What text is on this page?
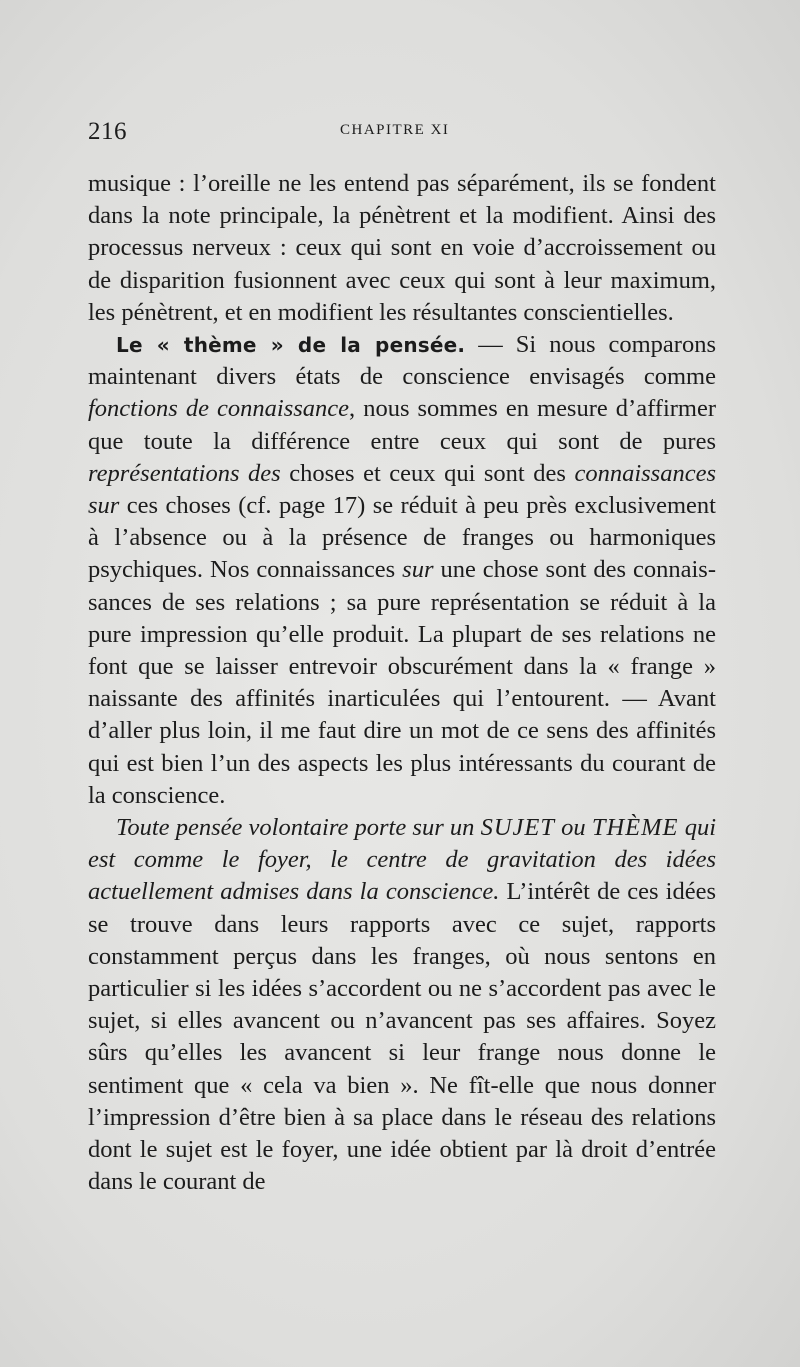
216	CHAPITRE XI

musique : l’oreille ne les entend pas séparément, ils se fondent dans la note principale, la pénètrent et la modifient. Ainsi des processus nerveux : ceux qui sont en voie d’accroissement ou de disparition fusionnent avec ceux qui sont à leur maximum, les pénètrent, et en modifient les résultantes conscientielles.

Le « thème » de la pensée. — Si nous comparons maintenant divers états de conscience envisagés comme fonctions de connaissance, nous sommes en mesure d’affirmer que toute la différence entre ceux qui sont de pures représentations des choses et ceux qui sont des connaissances sur ces choses (cf. page 17) se réduit à peu près exclusivement à l’absence ou à la présence de franges ou harmoniques psychiques. Nos connaissances sur une chose sont des connaissances de ses relations ; sa pure représentation se réduit à la pure impression qu’elle produit. La plupart de ses relations ne font que se laisser entrevoir obscurément dans la « frange » naissante des affinités inarticulées qui l’entourent. — Avant d’aller plus loin, il me faut dire un mot de ce sens des affinités qui est bien l’un des aspects les plus intéressants du courant de la conscience.

Toute pensée volontaire porte sur un SUJET ou THÈME qui est comme le foyer, le centre de gravitation des idées actuellement admises dans la conscience. L’intérêt de ces idées se trouve dans leurs rapports avec ce sujet, rapports constamment perçus dans les franges, où nous sentons en particulier si les idées s’accordent ou ne s’accordent pas avec le sujet, si elles avancent ou n’avancent pas ses affaires. Soyez sûrs qu’elles les avancent si leur frange nous donne le sentiment que « cela va bien ». Ne fît-elle que nous donner l’impression d’être bien à sa place dans le réseau des relations dont le sujet est le foyer, une idée obtient par là droit d’entrée dans le courant de
